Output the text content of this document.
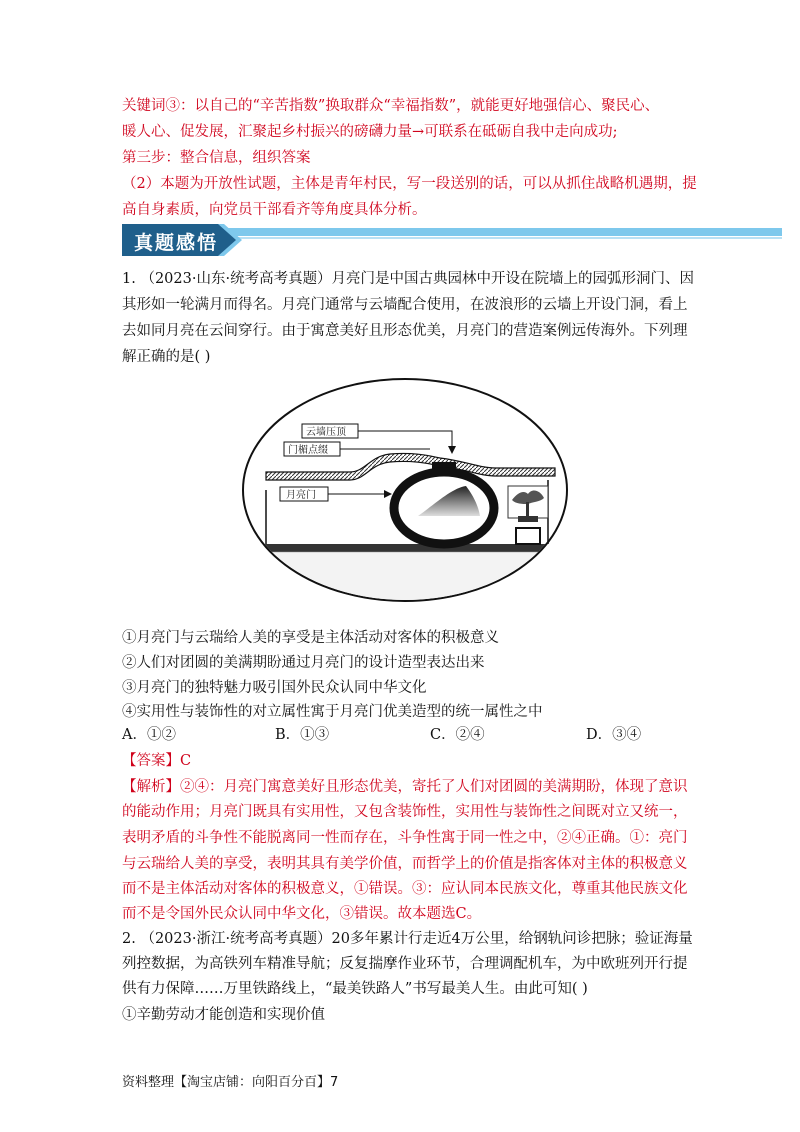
关键词③：以自己的“辛苦指数”换取群众“幸福指数”，就能更好地强信心、聚民心、
暖人心、促发展，汇聚起乡村振兴的磅礴力量→可联系在砥砺自我中走向成功;
第三步：整合信息，组织答案
（2）本题为开放性试题，主体是青年村民，写一段送别的话，可以从抓住战略机遇期，提
高自身素质，向党员干部看齐等角度具体分析。
真题感悟
1. （2023·山东·统考高考真题）月亮门是中国古典园林中开设在院墙上的园弧形洞门、因
其形如一轮满月而得名。月亮门通常与云墙配合使用，在波浪形的云墙上开设门洞，看上
去如同月亮在云间穿行。由于寓意美好且形态优美，月亮门的营造案例远传海外。下列理
解正确的是( )
云墙压顶
门楣点缀
月亮门
①月亮门与云瑞给人美的享受是主体活动对客体的积极意义
②人们对团圆的美满期盼通过月亮门的设计造型表达出来
③月亮门的独特魅力吸引国外民众认同中华文化
④实用性与装饰性的对立属性寓于月亮门优美造型的统一属性之中
A．①②	B．①③	C．②④	D．③④
【答案】C
【解析】②④：月亮门寓意美好且形态优美，寄托了人们对团圆的美满期盼，体现了意识
的能动作用；月亮门既具有实用性，又包含装饰性，实用性与装饰性之间既对立又统一，
表明矛盾的斗争性不能脱离同一性而存在，斗争性寓于同一性之中，②④正确。①：亮门
与云瑞给人美的享受，表明其具有美学价值，而哲学上的价值是指客体对主体的积极意义
而不是主体活动对客体的积极意义，①错误。③：应认同本民族文化，尊重其他民族文化
而不是令国外民众认同中华文化，③错误。故本题选C。
2. （2023·浙江·统考高考真题）20多年累计行走近4万公里，给钢轨问诊把脉；验证海量
列控数据，为高铁列车精准导航；反复揣摩作业环节，合理调配机车，为中欧班列开行提
供有力保障……万里铁路线上，“最美铁路人”书写最美人生。由此可知( )
①辛勤劳动才能创造和实现价值
资料整理【淘宝店铺：向阳百分百】7
